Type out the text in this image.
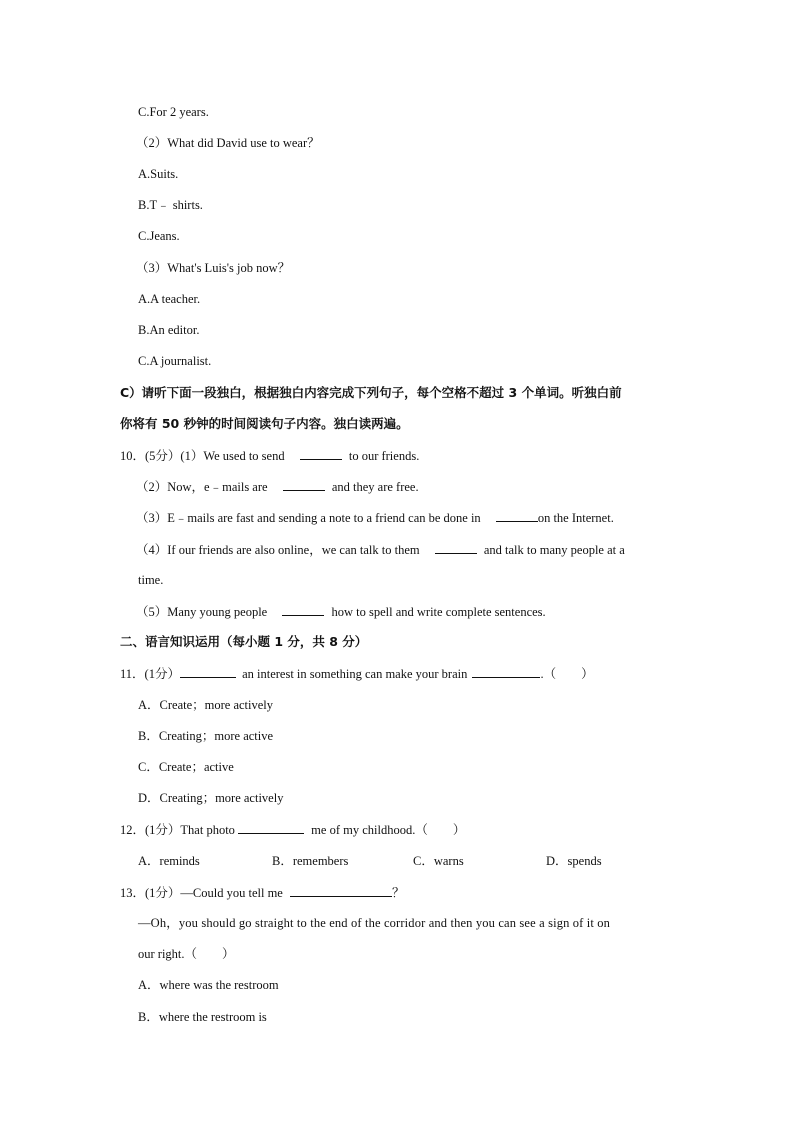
C.For 2 years.
（2）What did David use to wear？
A.Suits.
B.T﹣ shirts.
C.Jeans.
（3）What's Luis's job now？
A.A teacher.
B.An editor.
C.A journalist.
C）请听下面一段独白，根据独白内容完成下列句子，每个空格不超过 3 个单词。听独白前
你将有 50 秒钟的时间阅读句子内容。独白读两遍。
10．(5分）(1）We used to send	to our friends.
（2）Now，e﹣mails are	and they are free.
（3）E﹣mails are fast and sending a note to a friend can be done in	on the Internet.
（4）If our friends are also online，we can talk to them	and talk to many people at a
time.
（5）Many young people	how to spell and write complete sentences.
二、语言知识运用（每小题 1 分，共 8 分）
11．(1分）	an interest in something can make your brain	.（　　）
A．Create；more actively
B．Creating；more active
C．Create；active
D．Creating；more actively
12．(1分）That photo	me of my childhood.（　　）
A．reminds	B．remembers	C．warns	D．spends
13．(1分）—Could you tell me	？
—Oh，you should go straight to the end of the corridor and then you can see a sign of it on
our right.（　　）
A．where was the restroom
B．where the restroom is
